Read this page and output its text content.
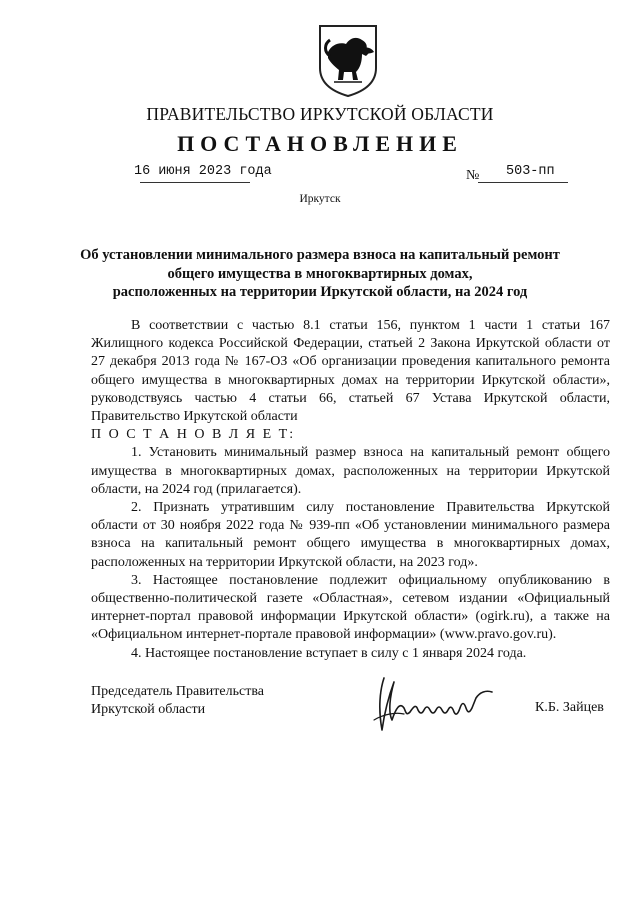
ПРАВИТЕЛЬСТВО ИРКУТСКОЙ ОБЛАСТИ
ПОСТАНОВЛЕНИЕ
16 июня 2023 года	№ 503-пп
Иркутск
Об установлении минимального размера взноса на капитальный ремонт
общего имущества в многоквартирных домах,
расположенных на территории Иркутской области, на 2024 год

В соответствии с частью 8.1 статьи 156, пунктом 1 части 1 статьи 167 Жилищного кодекса Российской Федерации, статьей 2 Закона Иркутской области от 27 декабря 2013 года № 167-ОЗ «Об организации проведения капитального ремонта общего имущества в многоквартирных домах на территории Иркутской области», руководствуясь частью 4 статьи 66, статьей 67 Устава Иркутской области, Правительство Иркутской области

П О С Т А Н О В Л Я Е Т:

1. Установить минимальный размер взноса на капитальный ремонт общего имущества в многоквартирных домах, расположенных на территории Иркутской области, на 2024 год (прилагается).

2. Признать утратившим силу постановление Правительства Иркутской области от 30 ноября 2022 года № 939-пп «Об установлении минимального размера взноса на капитальный ремонт общего имущества в многоквартирных домах, расположенных на территории Иркутской области, на 2023 год».

3. Настоящее постановление подлежит официальному опубликованию в общественно-политической газете «Областная», сетевом издании «Официальный интернет-портал правовой информации Иркутской области» (ogirk.ru), а также на «Официальном интернет-портале правовой информации» (www.pravo.gov.ru).

4. Настоящее постановление вступает в силу с 1 января 2024 года.

Председатель Правительства
Иркутской области	К.Б. Зайцев
